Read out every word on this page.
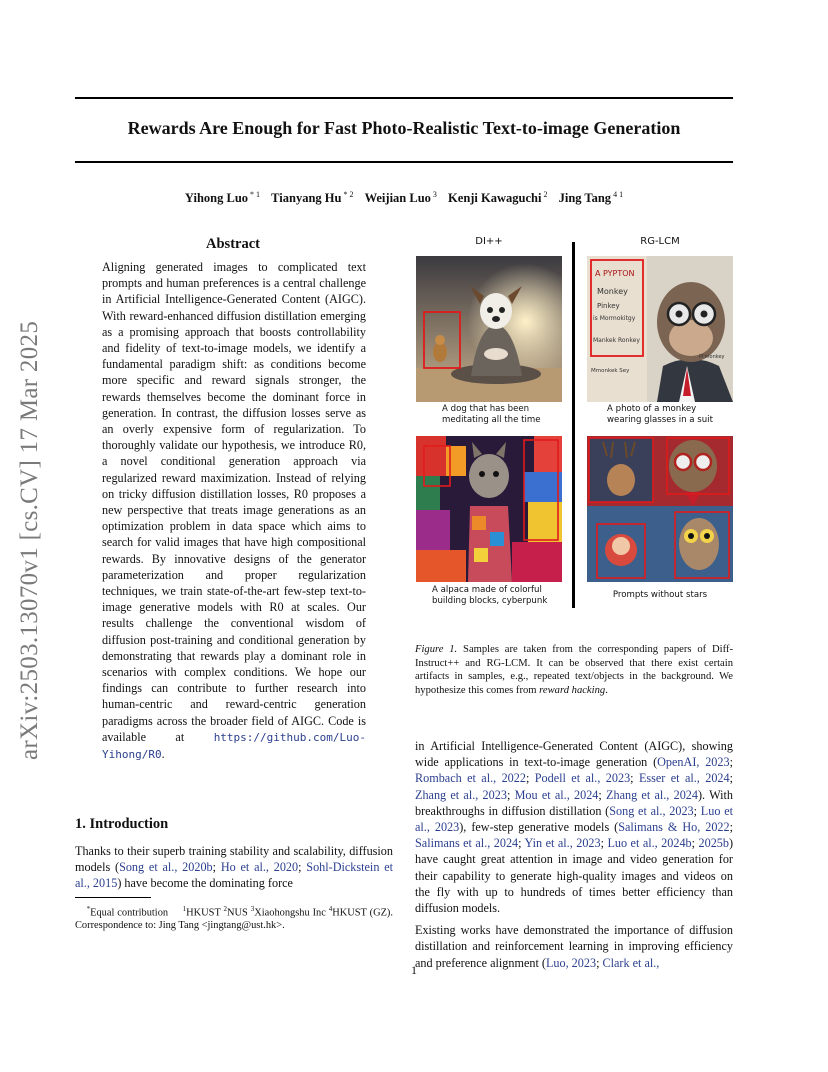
Rewards Are Enough for Fast Photo-Realistic Text-to-image Generation
Yihong Luo $^{* 1}$ Tianyang Hu $^{* 2}$ Weijian Luo $^3$ Kenji Kawaguchi $^2$ Jing Tang $^{4 1}$
arXiv:2503.13070v1 [cs.CV] 17 Mar 2025
Abstract
Aligning generated images to complicated text prompts and human preferences is a central challenge in Artificial Intelligence-Generated Content (AIGC). With reward-enhanced diffusion distillation emerging as a promising approach that boosts controllability and fidelity of text-to-image models, we identify a fundamental paradigm shift: as conditions become more specific and reward signals stronger, the rewards themselves become the dominant force in generation. In contrast, the diffusion losses serve as an overly expensive form of regularization. To thoroughly validate our hypothesis, we introduce R0, a novel conditional generation approach via regularized reward maximization. Instead of relying on tricky diffusion distillation losses, R0 proposes a new perspective that treats image generations as an optimization problem in data space which aims to search for valid images that have high compositional rewards. By innovative designs of the generator parameterization and proper regularization techniques, we train state-of-the-art few-step text-to-image generative models with R0 at scales. Our results challenge the conventional wisdom of diffusion post-training and conditional generation by demonstrating that rewards play a dominant role in scenarios with complex conditions. We hope our findings can contribute to further research into human-centric and reward-centric generation paradigms across the broader field of AIGC. Code is available at	https://github.com/Luo-Yihong/R0.
1. Introduction
Thanks to their superb training stability and scalability, diffusion models (Song et al., 2020b; Ho et al., 2020; Sohl-Dickstein et al., 2015) have become the dominating force
*Equal contribution $^1$HKUST $^2$NUS $^3$Xiaohongshu Inc $^4$HKUST (GZ). Correspondence to: Jing Tang <jingtang@ust.hk>.
DI++	RG-LCM
A dog that has been meditating all the time
A PYPTON
Monkey
Pinkey
is Mormokitgy
Mankek Ronkey
Pi'monkey
Mmonkek Sey
A photo of a monkey wearing glasses in a suit
A alpaca made of colorful building blocks, cyberpunk
Prompts without stars
Figure 1. Samples are taken from the corresponding papers of Diff-Instruct++ and RG-LCM. It can be observed that there exist certain artifacts in samples, e.g., repeated text/objects in the background. We hypothesize this comes from reward hacking.

in Artificial Intelligence-Generated Content (AIGC), showing wide applications in text-to-image generation (OpenAI, 2023; Rombach et al., 2022; Podell et al., 2023; Esser et al., 2024; Zhang et al., 2023; Mou et al., 2024; Zhang et al., 2024). With breakthroughs in diffusion distillation (Song et al., 2023; Luo et al., 2023), few-step generative models (Salimans & Ho, 2022; Salimans et al., 2024; Yin et al., 2023; Luo et al., 2024b; 2025b) have caught great attention in image and video generation for their capability to generate high-quality images and videos on the fly with up to hundreds of times better efficiency than diffusion models.

Existing works have demonstrated the importance of diffusion distillation and reinforcement learning in improving efficiency and preference alignment (Luo, 2023; Clark et al.,

1
